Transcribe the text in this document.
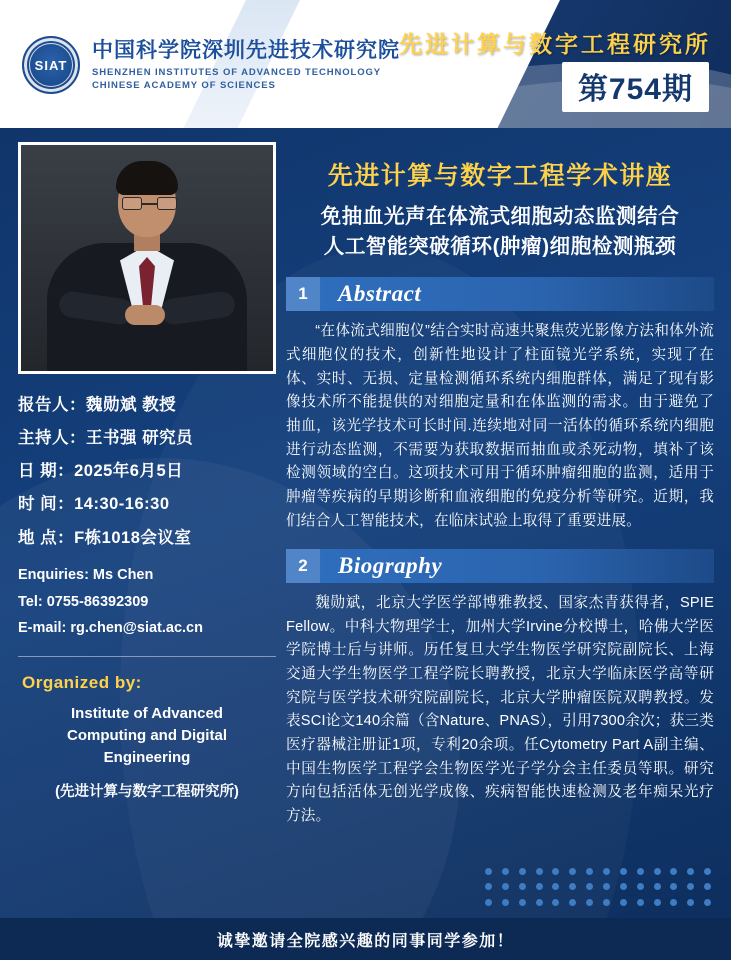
SIAT
中国科学院深圳先进技术研究院
SHENZHEN INSTITUTES OF ADVANCED TECHNOLOGY
CHINESE ACADEMY OF SCIENCES
先进计算与数字工程研究所
第754期
报告人：魏勋斌 教授
主持人：王书强 研究员
日 期：2025年6月5日
时 间：14:30-16:30
地 点：F栋1018会议室
Enquiries: Ms Chen
Tel: 0755-86392309
E-mail: rg.chen@siat.ac.cn
Organized by:
Institute of Advanced
Computing and Digital
Engineering
(先进计算与数字工程研究所)
先进计算与数字工程学术讲座
免抽血光声在体流式细胞动态监测结合
人工智能突破循环(肿瘤)细胞检测瓶颈
1	Abstract
“在体流式细胞仪”结合实时高速共聚焦荧光影像方法和体外流式细胞仪的技术，创新性地设计了柱面镜光学系统，实现了在体、实时、无损、定量检测循环系统内细胞群体，满足了现有影像技术所不能提供的对细胞定量和在体监测的需求。由于避免了抽血，该光学技术可长时间.连续地对同一活体的循环系统内细胞进行动态监测，不需要为获取数据而抽血或杀死动物，填补了该检测领域的空白。这项技术可用于循环肿瘤细胞的监测，适用于肿瘤等疾病的早期诊断和血液细胞的免疫分析等研究。近期，我们结合人工智能技术，在临床试验上取得了重要进展。
2	Biography
魏勋斌，北京大学医学部博雅教授、国家杰青获得者，SPIE Fellow。中科大物理学士，加州大学Irvine分校博士，哈佛大学医学院博士后与讲师。历任复旦大学生物医学研究院副院长、上海交通大学生物医学工程学院长聘教授，北京大学临床医学高等研究院与医学技术研究院副院长，北京大学肿瘤医院双聘教授。发表SCI论文140余篇（含Nature、PNAS），引用7300余次；获三类医疗器械注册证1项，专利20余项。任Cytometry Part A副主编、中国生物医学工程学会生物医学光子学分会主任委员等职。研究方向包括活体无创光学成像、疾病智能快速检测及老年痴呆光疗方法。
诚挚邀请全院感兴趣的同事同学参加！
